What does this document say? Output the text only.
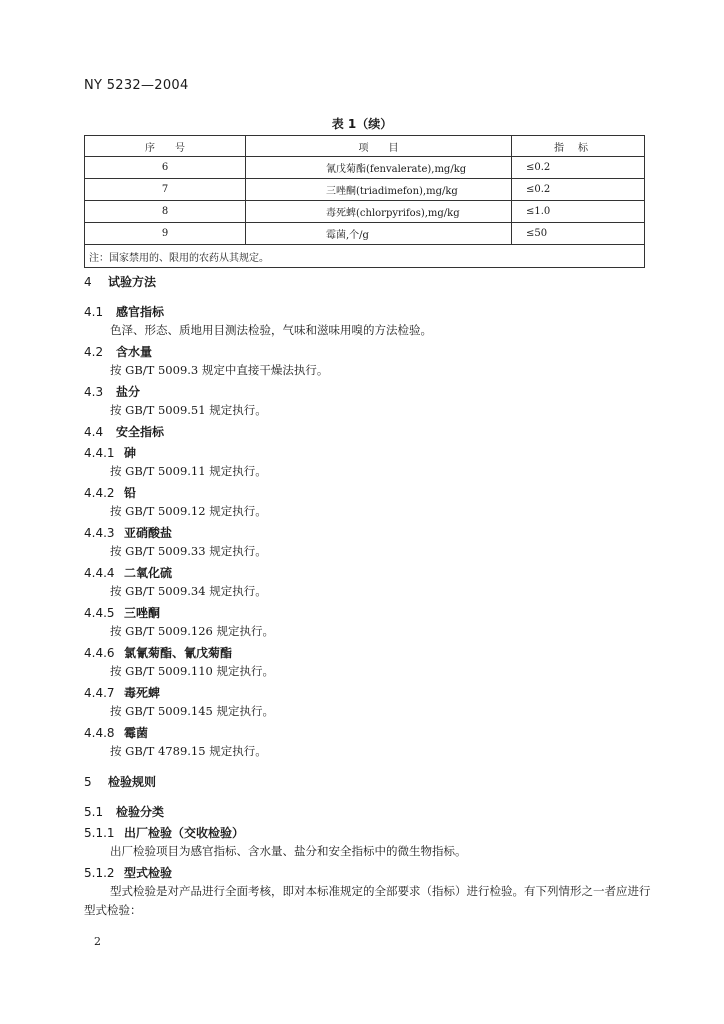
NY 5232—2004
表 1（续）
序　　号	项　　目	指标
6	氰戊菊酯(fenvalerate),mg/kg	≤0.2
7	三唑酮(triadimefon),mg/kg	≤0.2
8	毒死蜱(chlorpyrifos),mg/kg	≤1.0
9	霉菌,个/g	≤50
注：国家禁用的、限用的农药从其规定。		
4 试验方法
4.1 感官指标

色泽、形态、质地用目测法检验，气味和滋味用嗅的方法检验。

4.2 含水量

按 GB/T 5009.3 规定中直接干燥法执行。

4.3 盐分

按 GB/T 5009.51 规定执行。

4.4 安全指标
4.4.1 砷

按 GB/T 5009.11 规定执行。

4.4.2 铅

按 GB/T 5009.12 规定执行。

4.4.3 亚硝酸盐

按 GB/T 5009.33 规定执行。

4.4.4 二氧化硫

按 GB/T 5009.34 规定执行。

4.4.5 三唑酮

按 GB/T 5009.126 规定执行。

4.4.6 氯氰菊酯、氰戊菊酯

按 GB/T 5009.110 规定执行。

4.4.7 毒死蜱

按 GB/T 5009.145 规定执行。

4.4.8 霉菌

按 GB/T 4789.15 规定执行。

5 检验规则
5.1 检验分类
5.1.1 出厂检验（交收检验）

出厂检验项目为感官指标、含水量、盐分和安全指标中的微生物指标。

5.1.2 型式检验

型式检验是对产品进行全面考核，即对本标准规定的全部要求（指标）进行检验。有下列情形之一者应进行型式检验：

2
